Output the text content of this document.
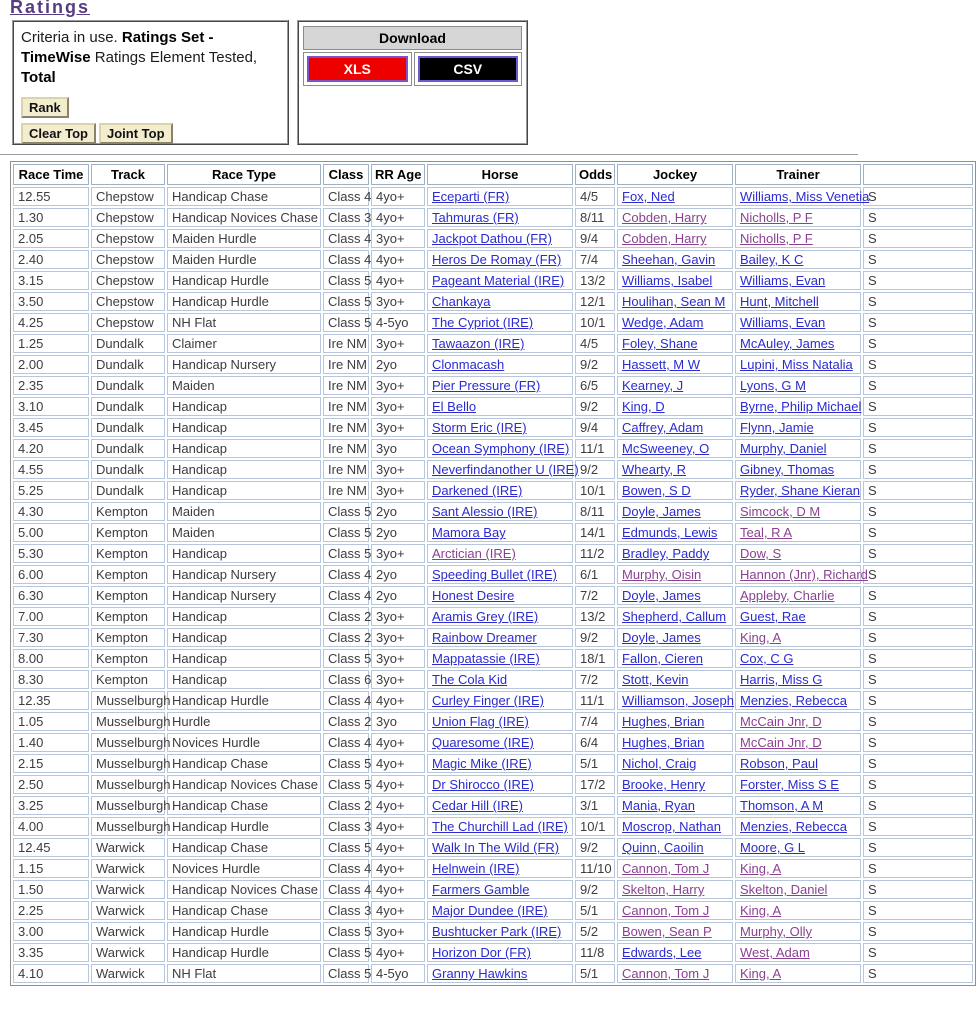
Ratings
Criteria in use. Ratings Set - TimeWise Ratings Element Tested, Total
Rank
Clear Top Joint Top
Download
XLS	CSV
Race Time	Track	Race Type	Class	RR Age	Horse	Odds	Jockey	Trainer	
12.55	Chepstow	Handicap Chase	Class 4	4yo+	Eceparti (FR)	4/5	Fox, Ned	Williams, Miss Venetia	S
1.30	Chepstow	Handicap Novices Chase	Class 3	4yo+	Tahmuras (FR)	8/11	Cobden, Harry	Nicholls, P F	S
2.05	Chepstow	Maiden Hurdle	Class 4	3yo+	Jackpot Dathou (FR)	9/4	Cobden, Harry	Nicholls, P F	S
2.40	Chepstow	Maiden Hurdle	Class 4	4yo+	Heros De Romay (FR)	7/4	Sheehan, Gavin	Bailey, K C	S
3.15	Chepstow	Handicap Hurdle	Class 5	4yo+	Pageant Material (IRE)	13/2	Williams, Isabel	Williams, Evan	S
3.50	Chepstow	Handicap Hurdle	Class 5	3yo+	Chankaya	12/1	Houlihan, Sean M	Hunt, Mitchell	S
4.25	Chepstow	NH Flat	Class 5	4-5yo	The Cypriot (IRE)	10/1	Wedge, Adam	Williams, Evan	S
1.25	Dundalk	Claimer	Ire NM	3yo+	Tawaazon (IRE)	4/5	Foley, Shane	McAuley, James	S
2.00	Dundalk	Handicap Nursery	Ire NM	2yo	Clonmacash	9/2	Hassett, M W	Lupini, Miss Natalia	S
2.35	Dundalk	Maiden	Ire NM	3yo+	Pier Pressure (FR)	6/5	Kearney, J	Lyons, G M	S
3.10	Dundalk	Handicap	Ire NM	3yo+	El Bello	9/2	King, D	Byrne, Philip Michael	S
3.45	Dundalk	Handicap	Ire NM	3yo+	Storm Eric (IRE)	9/4	Caffrey, Adam	Flynn, Jamie	S
4.20	Dundalk	Handicap	Ire NM	3yo	Ocean Symphony (IRE)	11/1	McSweeney, O	Murphy, Daniel	S
4.55	Dundalk	Handicap	Ire NM	3yo+	Neverfindanother U (IRE)	9/2	Whearty, R	Gibney, Thomas	S
5.25	Dundalk	Handicap	Ire NM	3yo+	Darkened (IRE)	10/1	Bowen, S D	Ryder, Shane Kieran	S
4.30	Kempton	Maiden	Class 5	2yo	Sant Alessio (IRE)	8/11	Doyle, James	Simcock, D M	S
5.00	Kempton	Maiden	Class 5	2yo	Mamora Bay	14/1	Edmunds, Lewis	Teal, R A	S
5.30	Kempton	Handicap	Class 5	3yo+	Arctician (IRE)	11/2	Bradley, Paddy	Dow, S	S
6.00	Kempton	Handicap Nursery	Class 4	2yo	Speeding Bullet (IRE)	6/1	Murphy, Oisin	Hannon (Jnr), Richard	S
6.30	Kempton	Handicap Nursery	Class 4	2yo	Honest Desire	7/2	Doyle, James	Appleby, Charlie	S
7.00	Kempton	Handicap	Class 2	3yo+	Aramis Grey (IRE)	13/2	Shepherd, Callum	Guest, Rae	S
7.30	Kempton	Handicap	Class 2	3yo+	Rainbow Dreamer	9/2	Doyle, James	King, A	S
8.00	Kempton	Handicap	Class 5	3yo+	Mappatassie (IRE)	18/1	Fallon, Cieren	Cox, C G	S
8.30	Kempton	Handicap	Class 6	3yo+	The Cola Kid	7/2	Stott, Kevin	Harris, Miss G	S
12.35	Musselburgh	Handicap Hurdle	Class 4	4yo+	Curley Finger (IRE)	11/1	Williamson, Joseph	Menzies, Rebecca	S
1.05	Musselburgh	Hurdle	Class 2	3yo	Union Flag (IRE)	7/4	Hughes, Brian	McCain Jnr, D	S
1.40	Musselburgh	Novices Hurdle	Class 4	4yo+	Quaresome (IRE)	6/4	Hughes, Brian	McCain Jnr, D	S
2.15	Musselburgh	Handicap Chase	Class 5	4yo+	Magic Mike (IRE)	5/1	Nichol, Craig	Robson, Paul	S
2.50	Musselburgh	Handicap Novices Chase	Class 5	4yo+	Dr Shirocco (IRE)	17/2	Brooke, Henry	Forster, Miss S E	S
3.25	Musselburgh	Handicap Chase	Class 2	4yo+	Cedar Hill (IRE)	3/1	Mania, Ryan	Thomson, A M	S
4.00	Musselburgh	Handicap Hurdle	Class 3	4yo+	The Churchill Lad (IRE)	10/1	Moscrop, Nathan	Menzies, Rebecca	S
12.45	Warwick	Handicap Chase	Class 5	4yo+	Walk In The Wild (FR)	9/2	Quinn, Caoilin	Moore, G L	S
1.15	Warwick	Novices Hurdle	Class 4	4yo+	Helnwein (IRE)	11/10	Cannon, Tom J	King, A	S
1.50	Warwick	Handicap Novices Chase	Class 4	4yo+	Farmers Gamble	9/2	Skelton, Harry	Skelton, Daniel	S
2.25	Warwick	Handicap Chase	Class 3	4yo+	Major Dundee (IRE)	5/1	Cannon, Tom J	King, A	S
3.00	Warwick	Handicap Hurdle	Class 5	3yo+	Bushtucker Park (IRE)	5/2	Bowen, Sean P	Murphy, Olly	S
3.35	Warwick	Handicap Hurdle	Class 5	4yo+	Horizon Dor (FR)	11/8	Edwards, Lee	West, Adam	S
4.10	Warwick	NH Flat	Class 5	4-5yo	Granny Hawkins	5/1	Cannon, Tom J	King, A	S
